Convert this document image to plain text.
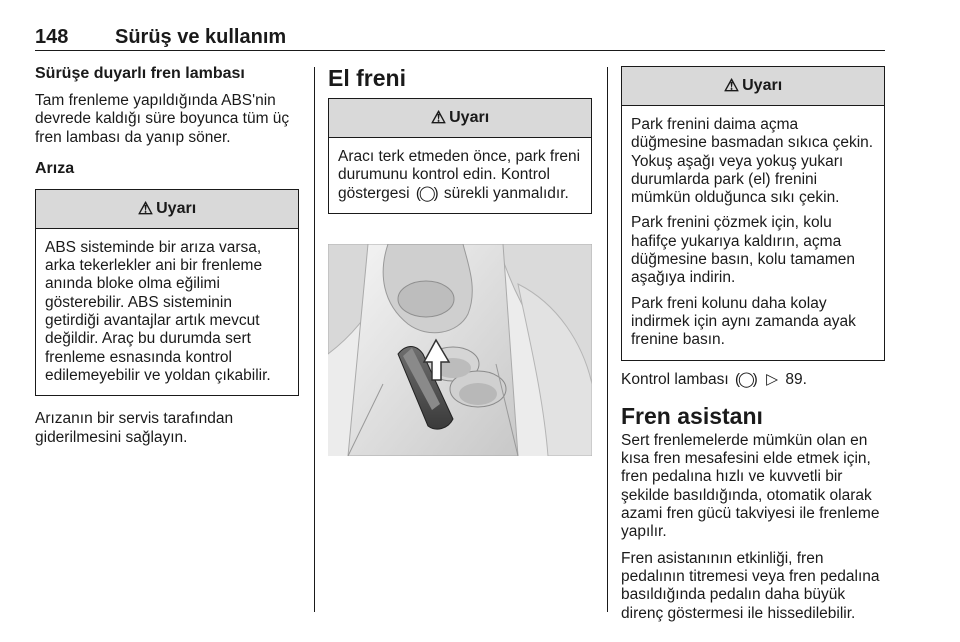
148 Sürüş ve kullanım
Sürüşe duyarlı fren lambası

Tam frenleme yapıldığında ABS'nin devrede kaldığı süre boyunca tüm üç fren lambası da yanıp söner.

Arıza
⚠ Uyarı

ABS sisteminde bir arıza varsa, arka tekerlekler ani bir frenleme anında bloke olma eğilimi gösterebilir. ABS sisteminin getirdiği avantajlar artık mevcut değildir. Araç bu durumda sert frenleme esnasında kontrol edilemeyebilir ve yoldan çıkabilir.

Arızanın bir servis tarafından giderilmesini sağlayın.

El freni
⚠ Uyarı

Aracı terk etmeden önce, park freni durumunu kontrol edin. Kontrol göstergesi (◯) sürekli yanmalıdır.

⚠ Uyarı

Park frenini daima açma düğmesine basmadan sıkıca çekin. Yokuş aşağı veya yokuş yukarı durumlarda park (el) frenini mümkün olduğunca sıkı çekin.

Park frenini çözmek için, kolu hafifçe yukarıya kaldırın, açma düğmesine basın, kolu tamamen aşağıya indirin.

Park freni kolunu daha kolay indirmek için aynı zamanda ayak frenine basın.

Kontrol lambası (◯) ▷ 89.

Fren asistanı

Sert frenlemelerde mümkün olan en kısa fren mesafesini elde etmek için, fren pedalına hızlı ve kuvvetli bir şekilde basıldığında, otomatik olarak azami fren gücü takviyesi ile frenleme yapılır.

Fren asistanının etkinliği, fren pedalının titremesi veya fren pedalına basıldığında pedalın daha büyük direnç göstermesi ile hissedilebilir.
